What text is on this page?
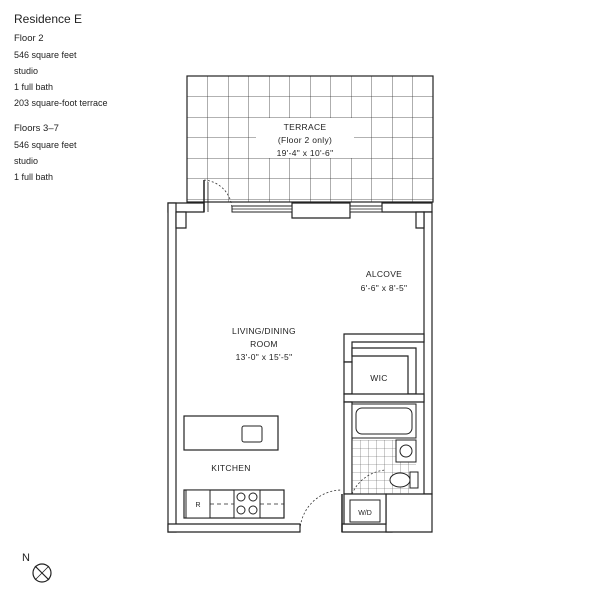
Residence E
Floor 2
546 square feet
studio
1 full bath
203 square-foot terrace
Floors 3–7
546 square feet
studio
1 full bath
TERRACE
(Floor 2 only)
19'-4" x 10'-6"
W/D
R
ALCOVE
6'-6" x 8'-5"
LIVING/DINING
ROOM
13'-0" x 15'-5"
WIC
KITCHEN
N
